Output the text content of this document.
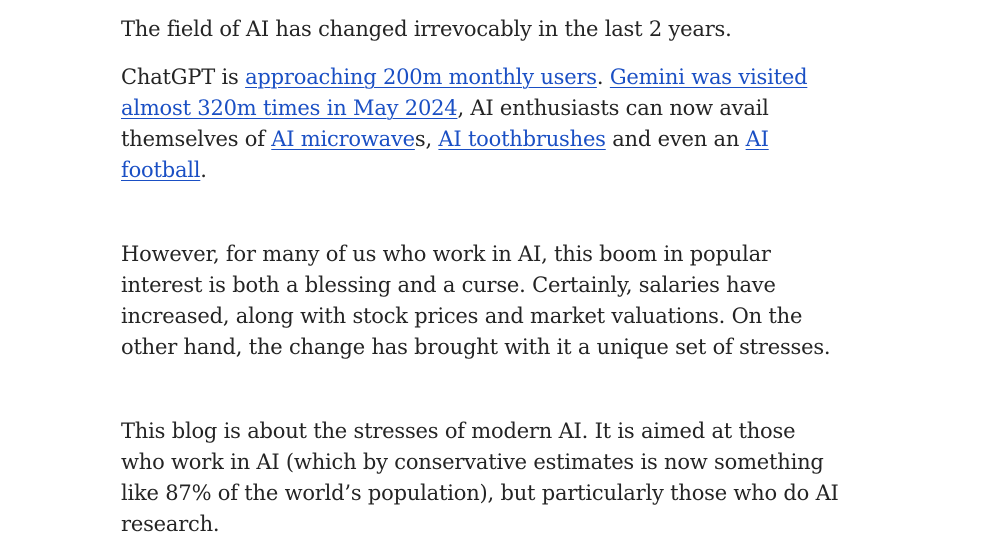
The field of AI has changed irrevocably in the last 2 years.

ChatGPT is approaching 200m monthly users. Gemini was visited almost 320m times in May 2024, AI enthusiasts can now avail themselves of AI microwaves, AI toothbrushes and even an AI football.

However, for many of us who work in AI, this boom in popular interest is both a blessing and a curse. Certainly, salaries have increased, along with stock prices and market valuations. On the other hand, the change has brought with it a unique set of stresses.

This blog is about the stresses of modern AI. It is aimed at those who work in AI (which by conservative estimates is now something like 87% of the world’s population), but particularly those who do AI research.
